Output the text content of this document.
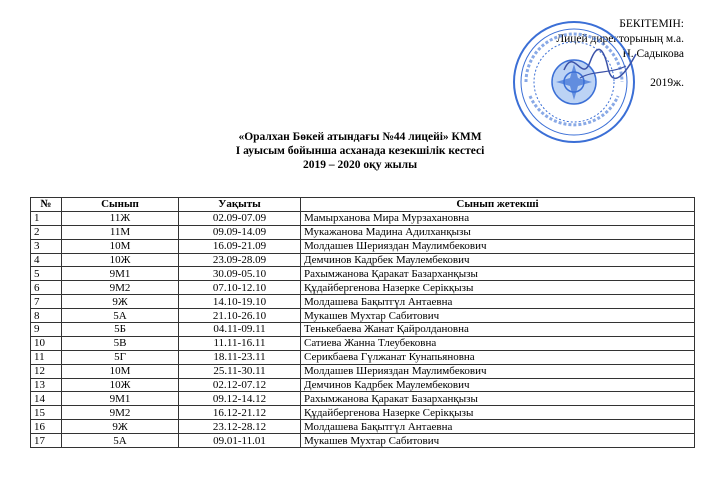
БЕКІТЕМІН:
Лицей директорының м.а.
Н. Садыкова
2019ж.
«Оралхан Бөкей атындағы №44 лицейі» КММ
І ауысым бойынша асханада кезекшілік кестесі
2019 – 2020 оқу жылы
№	Сынып	Уақыты	Сынып жетекші
1	11Ж	02.09-07.09	Мамырханова Мира Мурзахановна
2	11М	09.09-14.09	Мукажанова Мадина Адилханқызы
3	10М	16.09-21.09	Молдашев Шерияздан Маулимбекович
4	10Ж	23.09-28.09	Демчинов Кадрбек Маулембекович
5	9М1	30.09-05.10	Рахымжанова Қаракат Базарханқызы
6	9М2	07.10-12.10	Құдайбергенова Назерке Серікқызы
7	9Ж	14.10-19.10	Молдашева Бақытгүл Антаевна
8	5А	21.10-26.10	Мукашев Мухтар Сабитович
9	5Б	04.11-09.11	Тенькебаева Жанат Қайролдановна
10	5В	11.11-16.11	Сатиева Жанна Тлеубековна
11	5Г	18.11-23.11	Серикбаева Гүлжанат Кунапьяновна
12	10М	25.11-30.11	Молдашев Шерияздан Маулимбекович
13	10Ж	02.12-07.12	Демчинов Кадрбек Маулембекович
14	9М1	09.12-14.12	Рахымжанова Қаракат Базарханқызы
15	9М2	16.12-21.12	Құдайбергенова Назерке Серікқызы
16	9Ж	23.12-28.12	Молдашева Бақытгүл Антаевна
17	5А	09.01-11.01	Мукашев Мухтар Сабитович
